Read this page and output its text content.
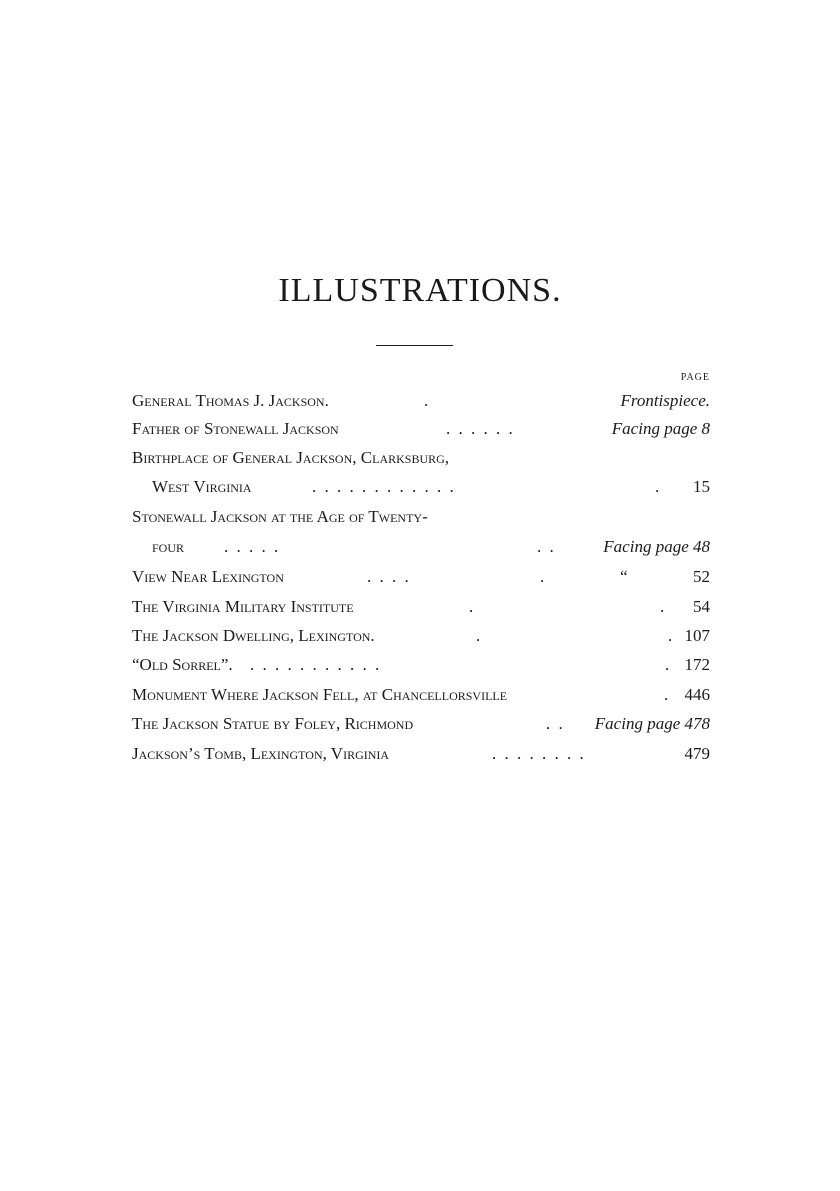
ILLUSTRATIONS.
PAGE
General Thomas J. Jackson.	.	Frontispiece.
Father of Stonewall Jackson	. . . . . .	Facing page 8
Birthplace of General Jackson, Clarksburg,
West Virginia	. . . . . . . . . . . .	. 15
Stonewall Jackson at the Age of Twenty-
four . . . . .	. .	Facing page 48
View Near Lexington	. . . .	.	“	52
The Virginia Military Institute	.	. 54
The Jackson Dwelling, Lexington.	.	. 107
“Old Sorrel”. . . . . . . . . . . .	. 172
Monument Where Jackson Fell, at Chancellorsville	. 446
The Jackson Statue by Foley, Richmond	. . Facing page 478
Jackson’s Tomb, Lexington, Virginia	. . . . . . . .	479
